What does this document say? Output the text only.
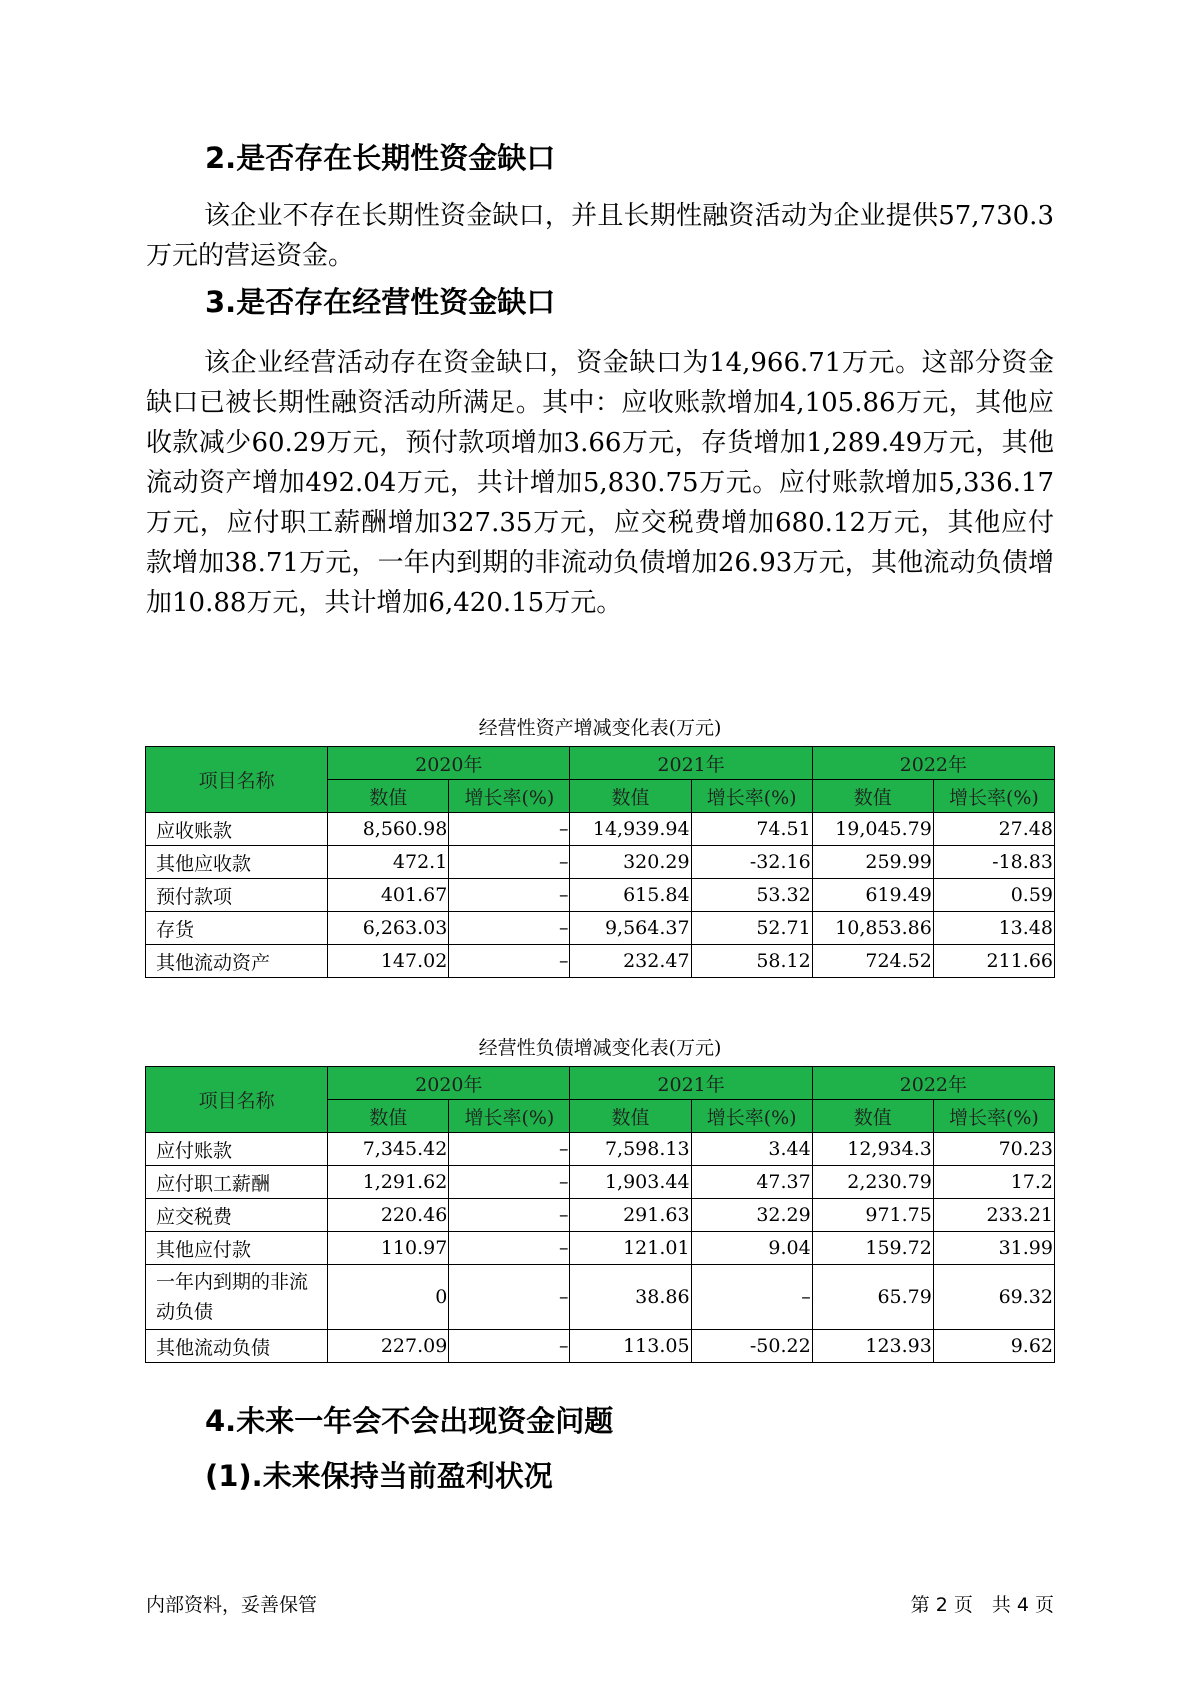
2.是否存在长期性资金缺口

该企业不存在长期性资金缺口，并且长期性融资活动为企业提供57,730.3万元的营运资金。

3.是否存在经营性资金缺口

该企业经营活动存在资金缺口，资金缺口为14,966.71万元。这部分资金缺口已被长期性融资活动所满足。其中：应收账款增加4,105.86万元，其他应收款减少60.29万元，预付款项增加3.66万元，存货增加1,289.49万元，其他流动资产增加492.04万元，共计增加5,830.75万元。应付账款增加5,336.17万元，应付职工薪酬增加327.35万元，应交税费增加680.12万元，其他应付款增加38.71万元，一年内到期的非流动负债增加26.93万元，其他流动负债增加10.88万元，共计增加6,420.15万元。

经营性资产增减变化表(万元)
项目名称	2020年		2021年		2022年	
	数值	增长率(%)	数值	增长率(%)	数值	增长率(%)
应收账款	8,560.98	–	14,939.94	74.51	19,045.79	27.48
其他应收款	472.1	–	320.29	-32.16	259.99	-18.83
预付款项	401.67	–	615.84	53.32	619.49	0.59
存货	6,263.03	–	9,564.37	52.71	10,853.86	13.48
其他流动资产	147.02	–	232.47	58.12	724.52	211.66
经营性负债增减变化表(万元)
项目名称	2020年		2021年		2022年	
	数值	增长率(%)	数值	增长率(%)	数值	增长率(%)
应付账款	7,345.42	–	7,598.13	3.44	12,934.3	70.23
应付职工薪酬	1,291.62	–	1,903.44	47.37	2,230.79	17.2
应交税费	220.46	–	291.63	32.29	971.75	233.21
其他应付款	110.97	–	121.01	9.04	159.72	31.99
一年内到期的非流动负债	0	–	38.86	–	65.79	69.32
其他流动负债	227.09	–	113.05	-50.22	123.93	9.62
4.未来一年会不会出现资金问题
(1).未来保持当前盈利状况
内部资料，妥善保管	第 2 页　共 4 页
